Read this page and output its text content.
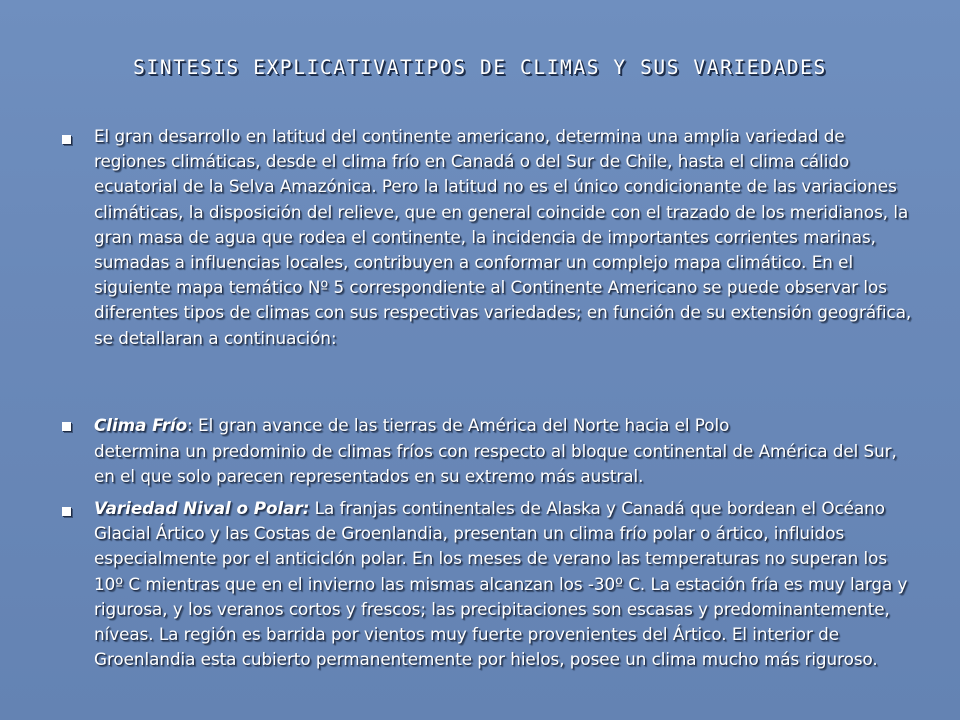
SINTESIS EXPLICATIVATIPOS DE CLIMAS Y SUS VARIEDADES
El gran desarrollo en latitud del continente americano, determina una amplia variedad de regiones climáticas, desde el clima frío en Canadá o del Sur de Chile, hasta el clima cálido ecuatorial de la Selva Amazónica. Pero la latitud no es el único condicionante de las variaciones climáticas, la disposición del relieve, que en general coincide con el trazado de los meridianos, la gran masa de agua que rodea el continente, la incidencia de importantes corrientes marinas, sumadas a influencias locales, contribuyen a conformar un complejo mapa climático. En el siguiente mapa temático Nº 5 correspondiente al Continente Americano se puede observar los diferentes tipos de climas con sus respectivas variedades; en función de su extensión geográfica, se detallaran a continuación:
Clima Frío: El gran avance de las tierras de América del Norte hacia el Polo
determina un predominio de climas fríos con respecto al bloque continental de América del Sur, en el que solo parecen representados en su extremo más austral.
Variedad Nival o Polar: La franjas continentales de Alaska y Canadá que bordean el Océano Glacial Ártico y las Costas de Groenlandia, presentan un clima frío polar o ártico, influidos especialmente por el anticiclón polar. En los meses de verano las temperaturas no superan los 10º C mientras que en el invierno las mismas alcanzan los -30º C. La estación fría es muy larga y rigurosa, y los veranos cortos y frescos; las precipitaciones son escasas y predominantemente, níveas. La región es barrida por vientos muy fuerte provenientes del Ártico. El interior de Groenlandia esta cubierto permanentemente por hielos, posee un clima mucho más riguroso.
